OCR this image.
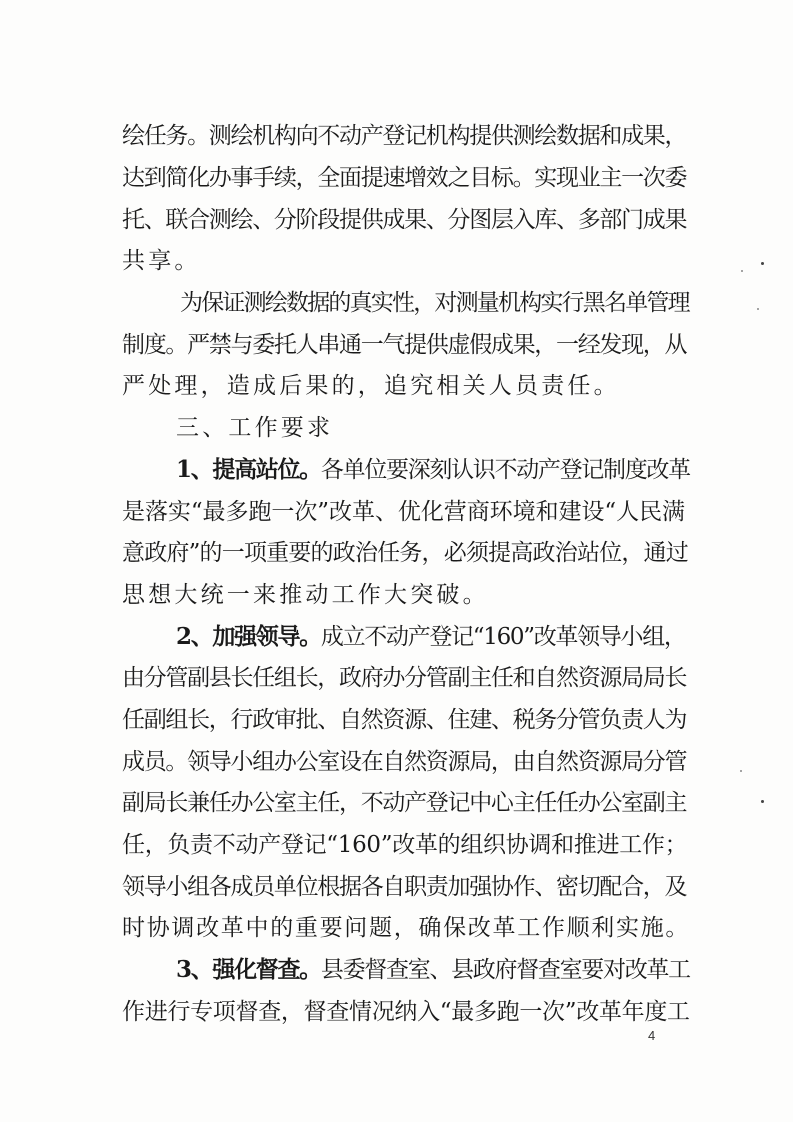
绘任务。测绘机构向不动产登记机构提供测绘数据和成果，
达到简化办事手续，全面提速增效之目标。实现业主一次委
托、联合测绘、分阶段提供成果、分图层入库、多部门成果
共享。
为保证测绘数据的真实性，对测量机构实行黑名单管理
制度。严禁与委托人串通一气提供虚假成果，一经发现，从
严处理，造成后果的，追究相关人员责任。
三、工作要求
1、提高站位。各单位要深刻认识不动产登记制度改革
是落实“最多跑一次”改革、优化营商环境和建设“人民满
意政府”的一项重要的政治任务，必须提高政治站位，通过
思想大统一来推动工作大突破。
2、加强领导。成立不动产登记“160”改革领导小组，
由分管副县长任组长，政府办分管副主任和自然资源局局长
任副组长，行政审批、自然资源、住建、税务分管负责人为
成员。领导小组办公室设在自然资源局，由自然资源局分管
副局长兼任办公室主任，不动产登记中心主任任办公室副主
任，负责不动产登记“160”改革的组织协调和推进工作；
领导小组各成员单位根据各自职责加强协作、密切配合，及
时协调改革中的重要问题，确保改革工作顺利实施。
3、强化督查。县委督查室、县政府督查室要对改革工
作进行专项督查，督查情况纳入“最多跑一次”改革年度工
4
